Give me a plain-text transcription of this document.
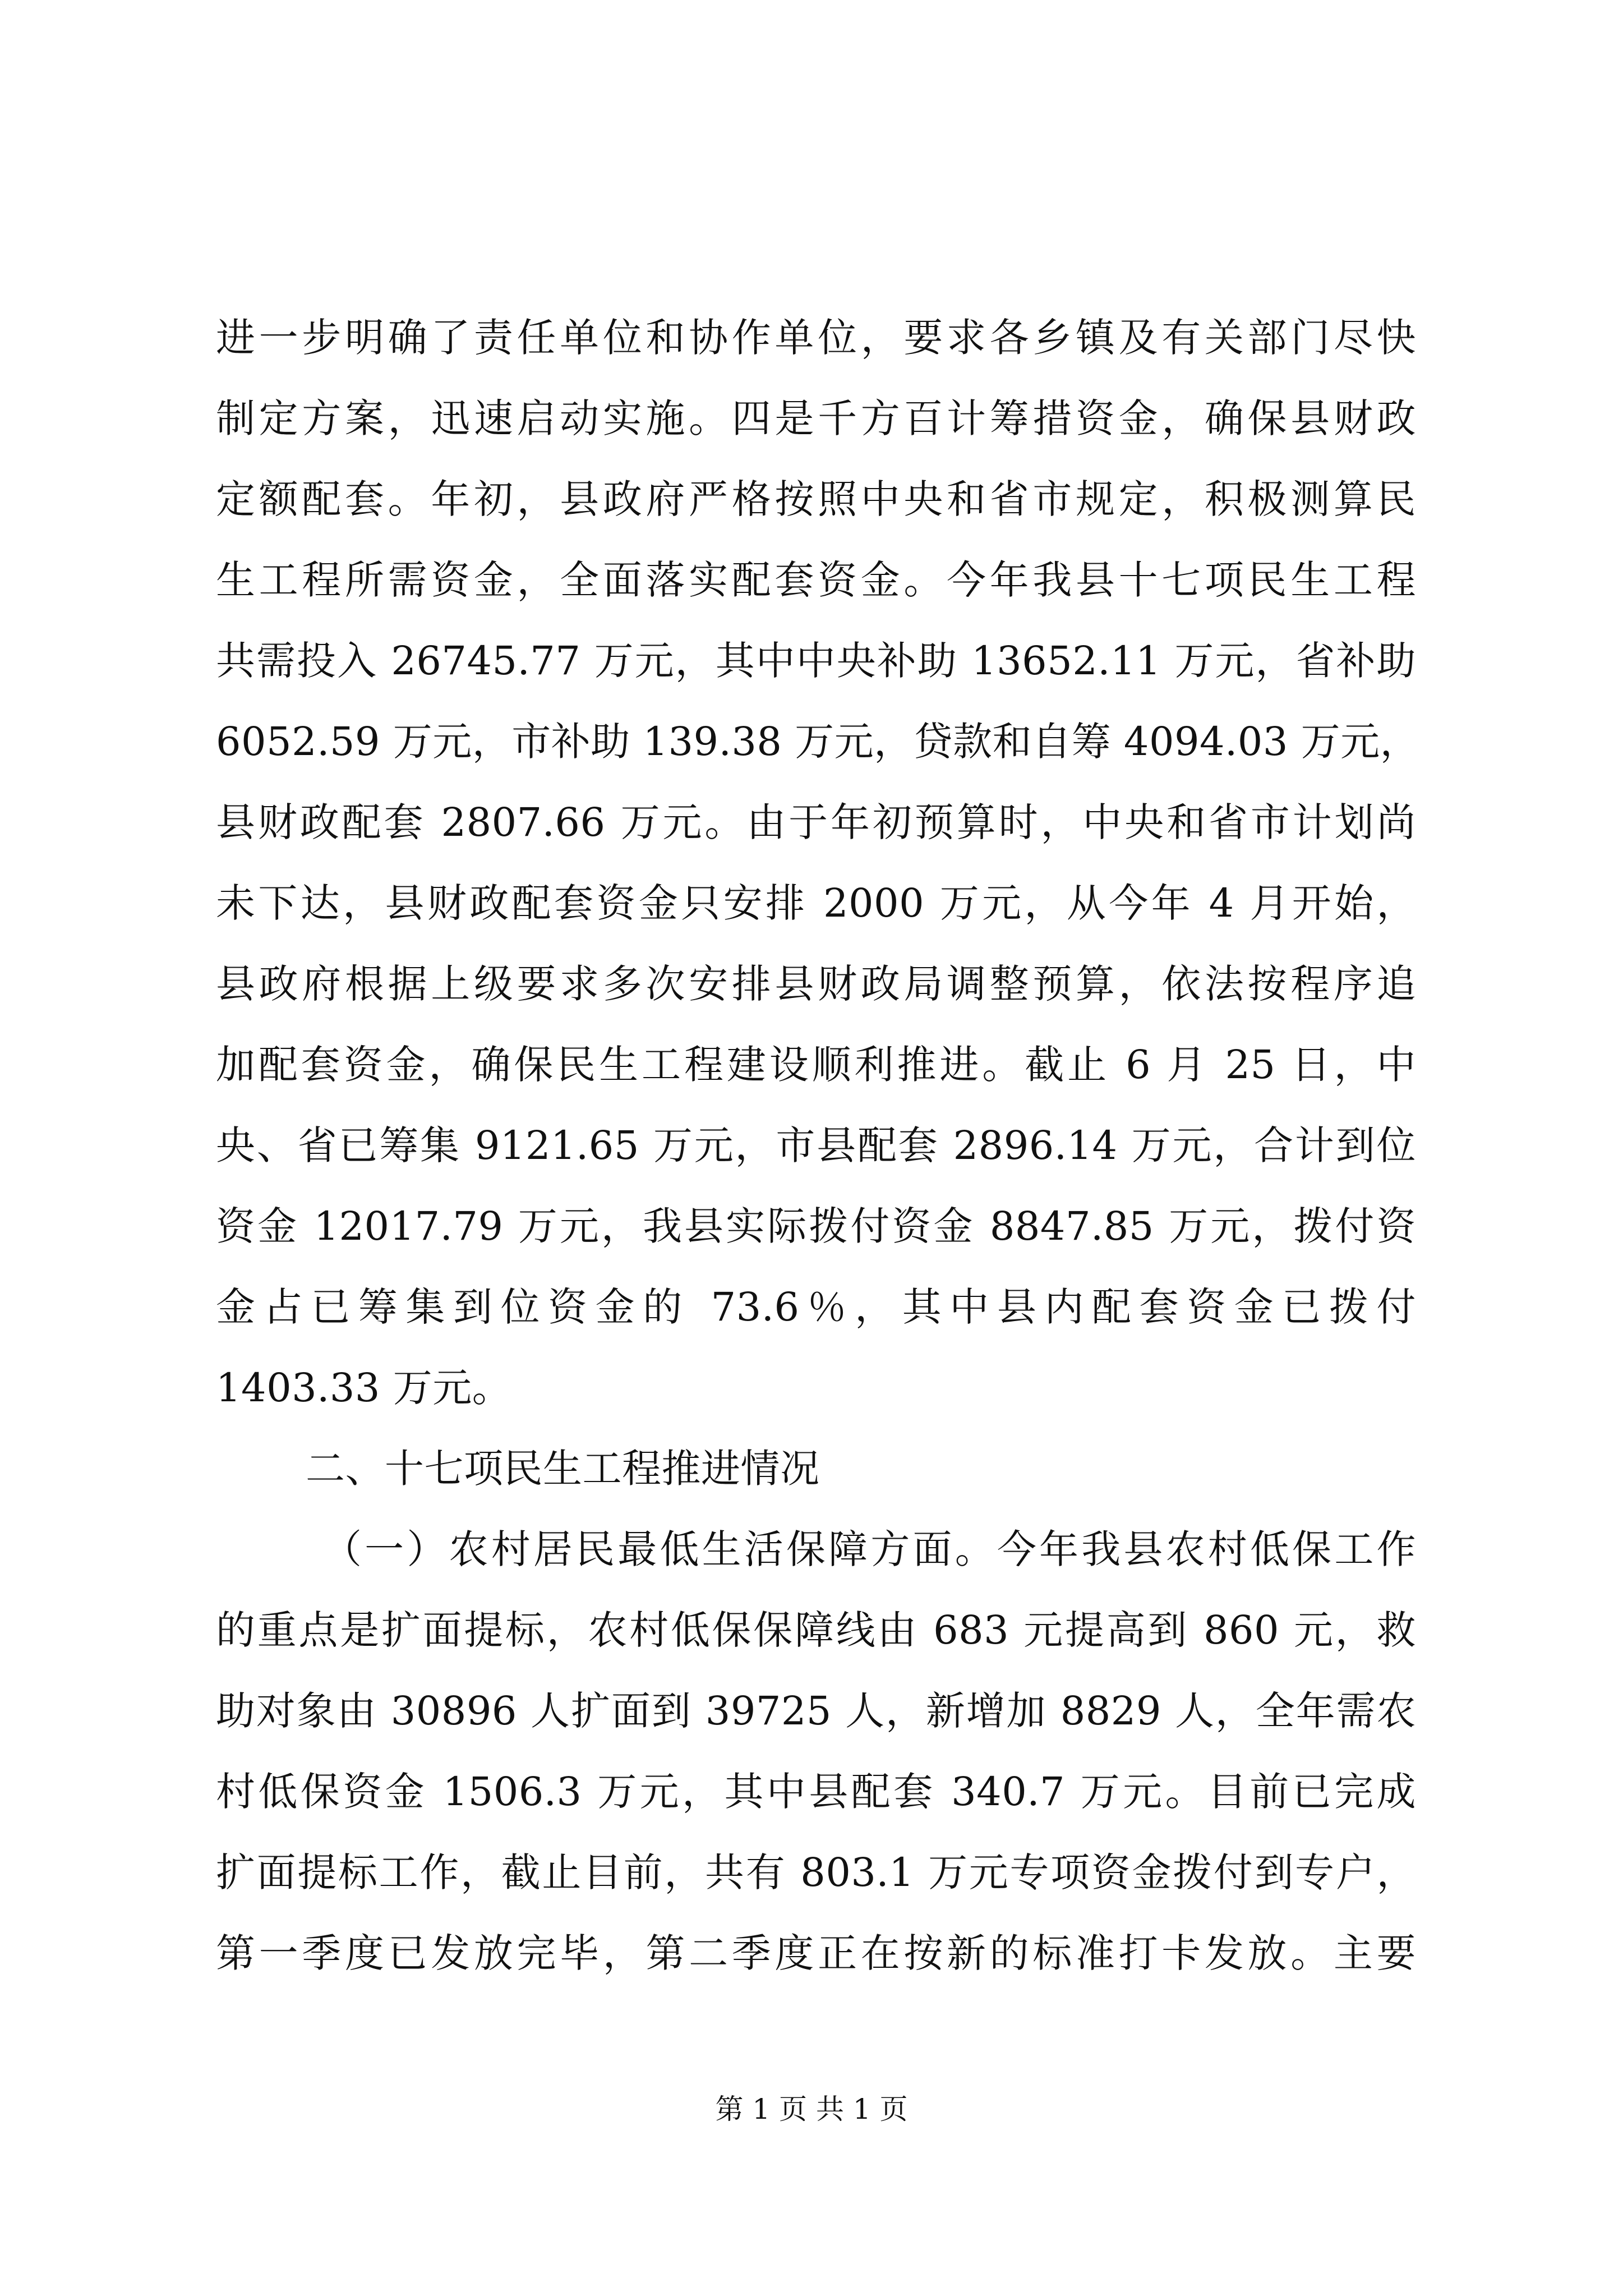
进一步明确了责任单位和协作单位，要求各乡镇及有关部门尽快
制定方案，迅速启动实施。四是千方百计筹措资金，确保县财政
定额配套。年初，县政府严格按照中央和省市规定，积极测算民
生工程所需资金，全面落实配套资金。今年我县十七项民生工程
共需投入 26745.77 万元，其中中央补助 13652.11 万元，省补助
6052.59 万元，市补助 139.38 万元，贷款和自筹 4094.03 万元，
县财政配套 2807.66 万元。由于年初预算时，中央和省市计划尚
未下达，县财政配套资金只安排 2000 万元，从今年 4 月开始，
县政府根据上级要求多次安排县财政局调整预算，依法按程序追
加配套资金，确保民生工程建设顺利推进。截止 6 月 25 日，中
央、省已筹集 9121.65 万元，市县配套 2896.14 万元，合计到位
资金 12017.79 万元，我县实际拨付资金 8847.85 万元，拨付资
金占已筹集到位资金的 73.6％，其中县内配套资金已拨付
1403.33 万元。
二、十七项民生工程推进情况
（一）农村居民最低生活保障方面。今年我县农村低保工作
的重点是扩面提标，农村低保保障线由 683 元提高到 860 元，救
助对象由 30896 人扩面到 39725 人，新增加 8829 人，全年需农
村低保资金 1506.3 万元，其中县配套 340.7 万元。目前已完成
扩面提标工作，截止目前，共有 803.1 万元专项资金拨付到专户，
第一季度已发放完毕，第二季度正在按新的标准打卡发放。主要
第 1 页 共 1 页
